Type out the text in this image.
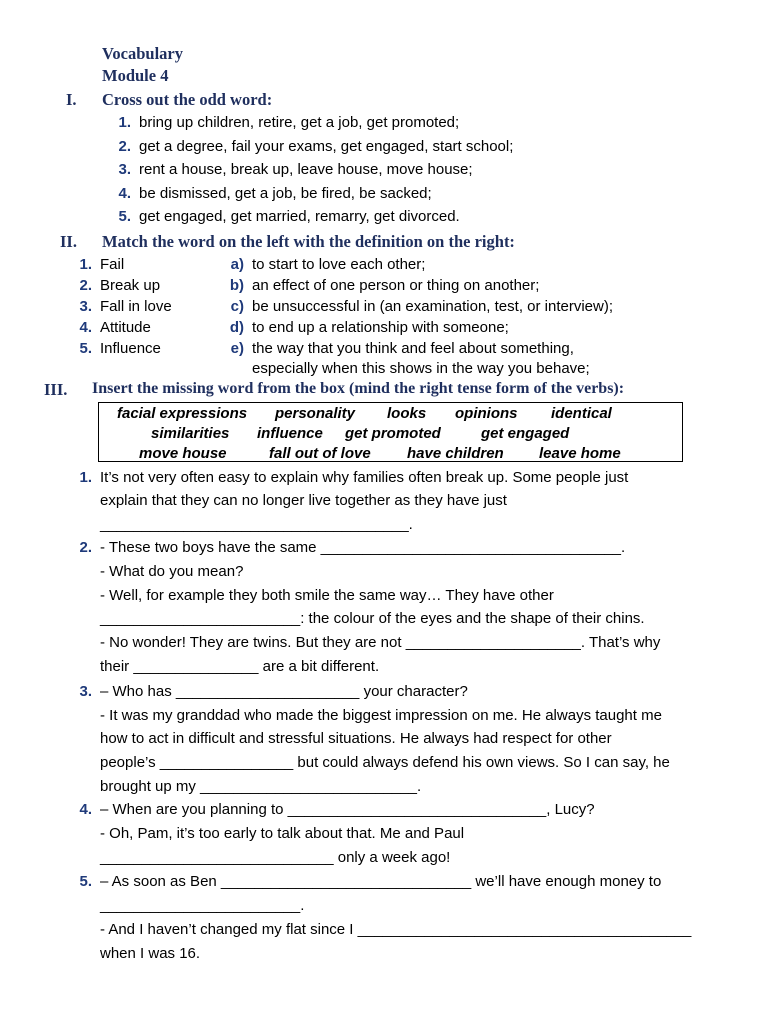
Vocabulary
Module 4
I. Cross out the odd word:
1. bring up children, retire, get a job, get promoted;
2. get a degree, fail your exams, get engaged, start school;
3. rent a house, break up, leave house, move house;
4. be dismissed, get a job, be fired, be sacked;
5. get engaged, get married, remarry, get divorced.
II. Match the word on the left with the definition on the right:
1. Fail
2. Break up
3. Fall in love
4. Attitude
5. Influence
a) to start to love each other;
b) an effect of one person or thing on another;
c) be unsuccessful in (an examination, test, or interview);
d) to end up a relationship with someone;
e) the way that you think and feel about something,
especially when this shows in the way you behave;
III. Insert the missing word from the box (mind the right tense form of the verbs):
facial expressions personality looks opinions identical
similarities influence get promoted	get engaged
move house	fall out of love have children leave home
1. It’s not very often easy to explain why families often break up. Some people just
explain that they can no longer live together as they have just
_____________________________________.
2. - These two boys have the same ____________________________________.
- What do you mean?
- Well, for example they both smile the same way… They have other
________________________: the colour of the eyes and the shape of their chins.
- No wonder! They are twins. But they are not _____________________. That’s why
their _______________ are a bit different.
3. – Who has ______________________ your character?
- It was my granddad who made the biggest impression on me. He always taught me
how to act in difficult and stressful situations. He always had respect for other
people’s ________________ but could always defend his own views. So I can say, he
brought up my __________________________.
4. – When are you planning to _______________________________, Lucy?
- Oh, Pam, it’s too early to talk about that. Me and Paul
____________________________ only a week ago!
5. – As soon as Ben ______________________________ we’ll have enough money to
________________________.
- And I haven’t changed my flat since I ________________________________________
when I was 16.
